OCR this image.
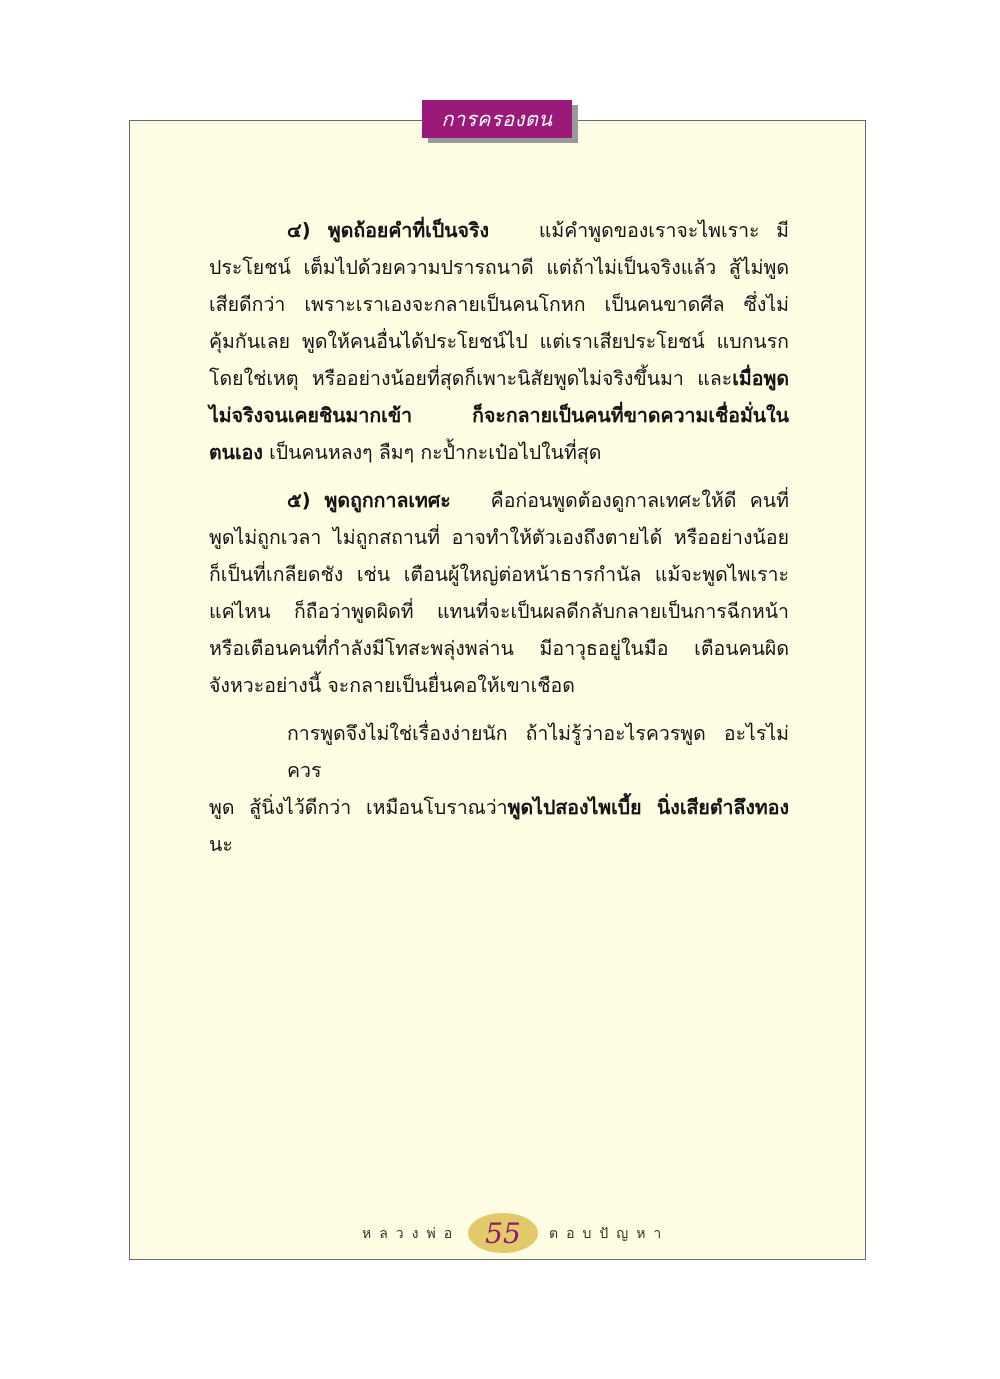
การครองตน
๔) พูดถ้อยคำที่เป็นจริง	แม้คำพูดของเราจะไพเราะ มี
ประโยชน์ เต็มไปด้วยความปรารถนาดี แต่ถ้าไม่เป็นจริงแล้ว สู้ไม่พูด
เสียดีกว่า เพราะเราเองจะกลายเป็นคนโกหก เป็นคนขาดศีล ซึ่งไม่
คุ้มกันเลย พูดให้คนอื่นได้ประโยชน์ไป แต่เราเสียประโยชน์ แบกนรก
โดยใช่เหตุ หรืออย่างน้อยที่สุดก็เพาะนิสัยพูดไม่จริงขึ้นมา และเมื่อพูด
ไม่จริงจนเคยชินมากเข้า ก็จะกลายเป็นคนที่ขาดความเชื่อมั่นใน
ตนเอง เป็นคนหลงๆ ลืมๆ กะป้ำกะเป๋อไปในที่สุด
๕) พูดถูกกาลเทศะ คือก่อนพูดต้องดูกาลเทศะให้ดี คนที่
พูดไม่ถูกเวลา ไม่ถูกสถานที่ อาจทำให้ตัวเองถึงตายได้ หรืออย่างน้อย
ก็เป็นที่เกลียดชัง เช่น เตือนผู้ใหญ่ต่อหน้าธารกำนัล แม้จะพูดไพเราะ
แค่ไหน ก็ถือว่าพูดผิดที่ แทนที่จะเป็นผลดีกลับกลายเป็นการฉีกหน้า
หรือเตือนคนที่กำลังมีโทสะพลุ่งพล่าน มีอาวุธอยู่ในมือ เตือนคนผิด
จังหวะอย่างนี้ จะกลายเป็นยื่นคอให้เขาเชือด
การพูดจึงไม่ใช่เรื่องง่ายนัก ถ้าไม่รู้ว่าอะไรควรพูด อะไรไม่ควร
พูด สู้นิ่งไว้ดีกว่า เหมือนโบราณว่าพูดไปสองไพเบี้ย นิ่งเสียตำลึงทอง
นะ
หลวงพ่อ 55	ตอบปัญหา
